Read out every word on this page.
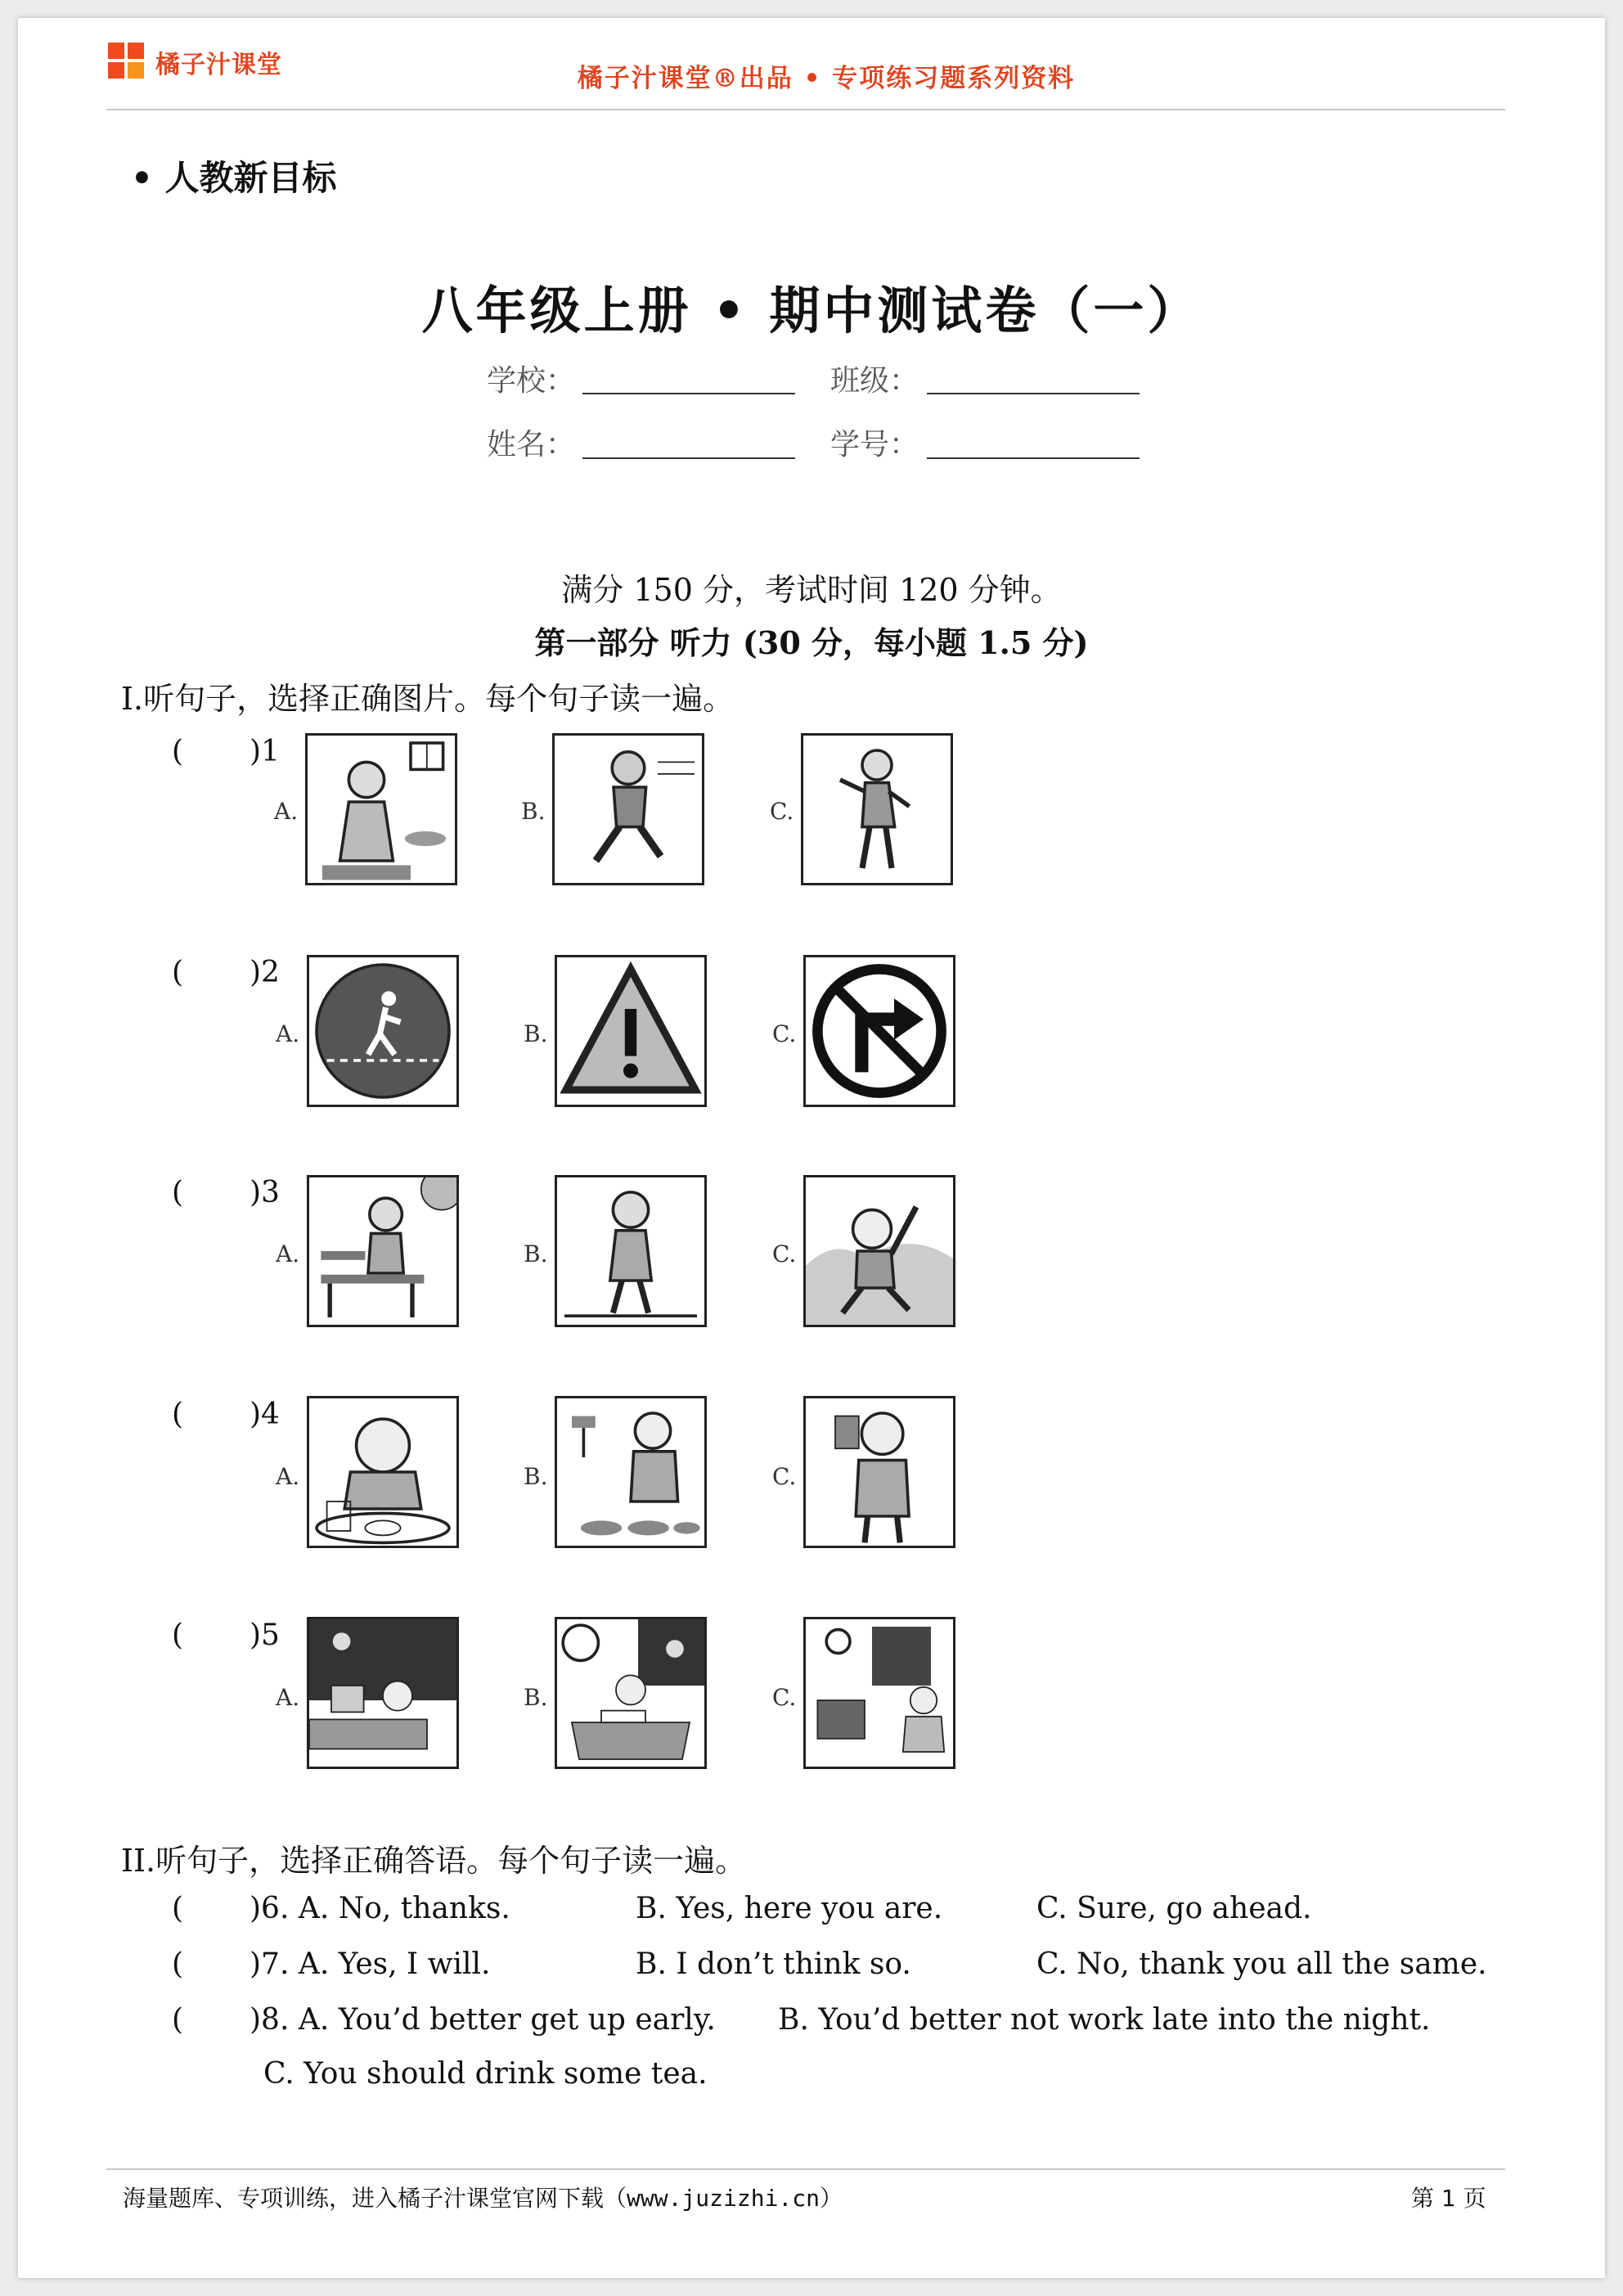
橘子汁课堂	橘子汁课堂®出品 • 专项练习题系列资料
• 人教新目标
八年级上册 • 期中测试卷（一）
学校：	班级：
姓名：	学号：
满分 150 分，考试时间 120 分钟。
第一部分 听力 (30 分，每小题 1.5 分)
I.听句子，选择正确图片。每个句子读一遍。
( )1
A.	B.	C.
( )2
A.	B.	C.
( )3
A.	B.	C.
( )4
A.	B.	C.
( )5
A.	B.	C.
II.听句子，选择正确答语。每个句子读一遍。
( )6. A. No, thanks.	B. Yes, here you are.	C. Sure, go ahead.
( )7. A. Yes, I will.	B. I don’t think so.	C. No, thank you all the same.
( )8. A. You’d better get up early. B. You’d better not work late into the night.
C. You should drink some tea.
海量题库、专项训练，进入橘子汁课堂官网下载（www.juzizhi.cn）	第 1 页
